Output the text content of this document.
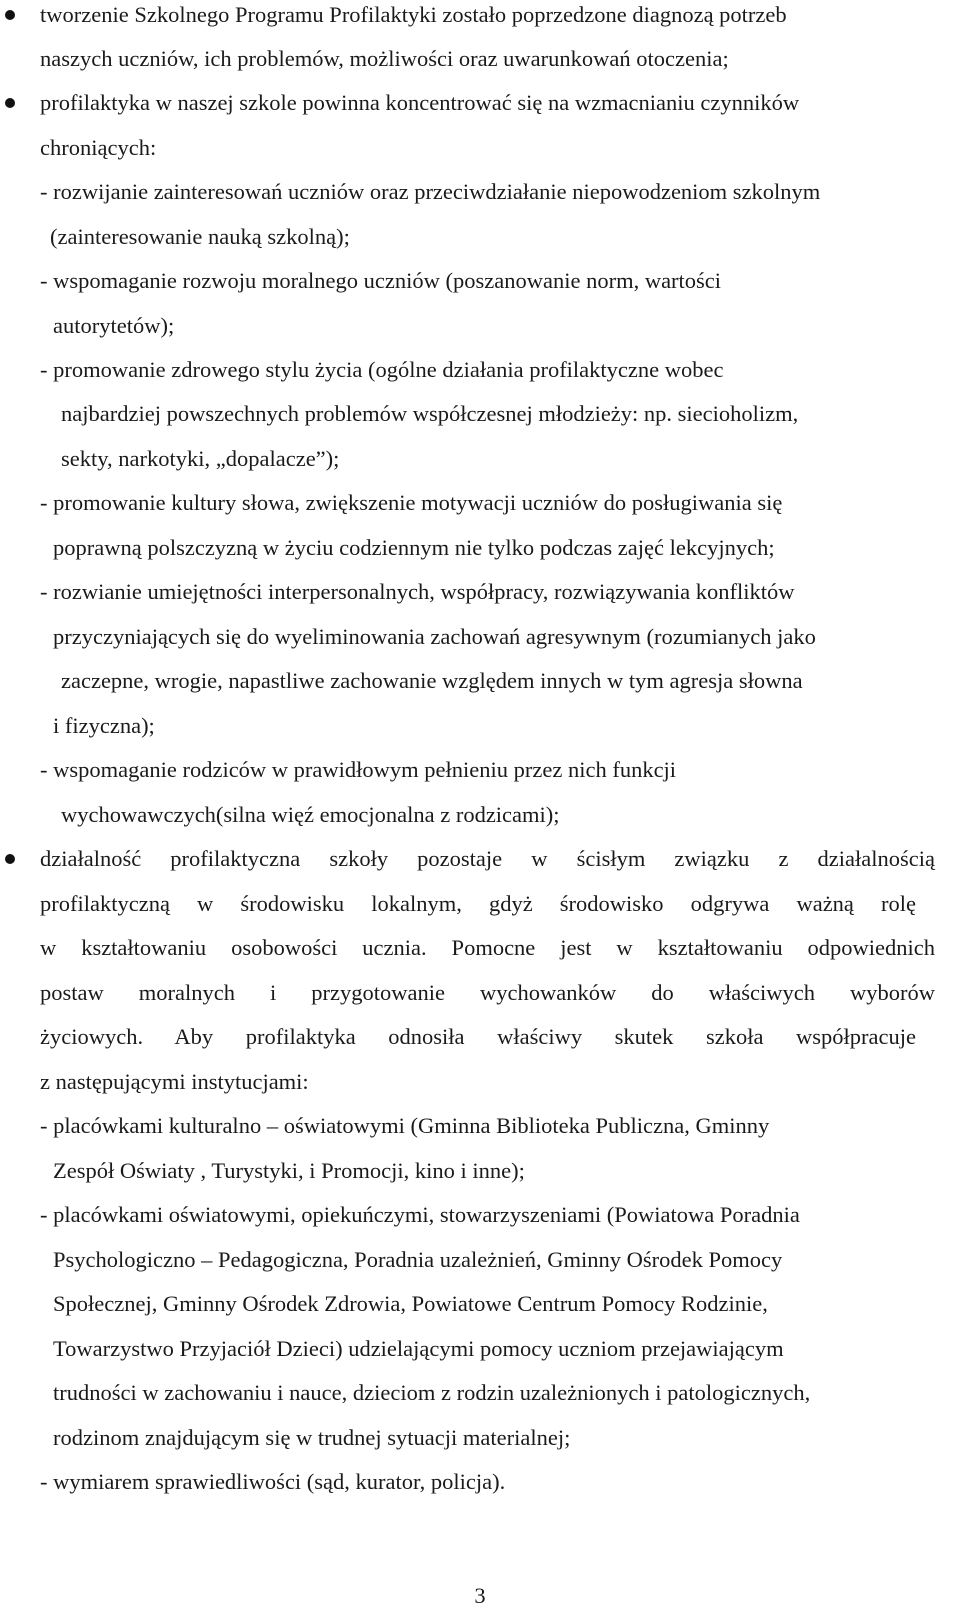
tworzenie Szkolnego Programu Profilaktyki zostało poprzedzone diagnozą potrzeb
naszych uczniów, ich problemów, możliwości oraz uwarunkowań otoczenia;
profilaktyka w naszej szkole powinna koncentrować się na wzmacnianiu czynników
chroniących:
- rozwijanie zainteresowań uczniów oraz przeciwdziałanie niepowodzeniom szkolnym
(zainteresowanie nauką szkolną);
- wspomaganie rozwoju moralnego uczniów (poszanowanie norm, wartości
autorytetów);
- promowanie zdrowego stylu życia (ogólne działania profilaktyczne wobec
najbardziej powszechnych problemów współczesnej młodzieży: np. siecioholizm,
sekty, narkotyki, „dopalacze”);
- promowanie kultury słowa, zwiększenie motywacji uczniów do posługiwania się
poprawną polszczyzną w życiu codziennym nie tylko podczas zajęć lekcyjnych;
- rozwianie umiejętności interpersonalnych, współpracy, rozwiązywania konfliktów
przyczyniających się do wyeliminowania zachowań agresywnym (rozumianych jako
zaczepne, wrogie, napastliwe zachowanie względem innych w tym agresja słowna
i fizyczna);
- wspomaganie rodziców w prawidłowym pełnieniu przez nich funkcji
wychowawczych(silna więź emocjonalna z rodzicami);
działalność profilaktyczna szkoły pozostaje w ścisłym związku z działalnością
profilaktyczną w środowisku lokalnym, gdyż środowisko odgrywa ważną rolę
w kształtowaniu osobowości ucznia. Pomocne jest w kształtowaniu odpowiednich
postaw moralnych i przygotowanie wychowanków do właściwych wyborów
życiowych. Aby profilaktyka odnosiła właściwy skutek szkoła współpracuje
z następującymi instytucjami:
- placówkami kulturalno – oświatowymi (Gminna Biblioteka Publiczna, Gminny
Zespół Oświaty , Turystyki, i Promocji, kino i inne);
- placówkami oświatowymi, opiekuńczymi, stowarzyszeniami (Powiatowa Poradnia
Psychologiczno – Pedagogiczna, Poradnia uzależnień, Gminny Ośrodek Pomocy
Społecznej, Gminny Ośrodek Zdrowia, Powiatowe Centrum Pomocy Rodzinie,
Towarzystwo Przyjaciół Dzieci) udzielającymi pomocy uczniom przejawiającym
trudności w zachowaniu i nauce, dzieciom z rodzin uzależnionych i patologicznych,
rodzinom znajdującym się w trudnej sytuacji materialnej;
- wymiarem sprawiedliwości (sąd, kurator, policja).
3
